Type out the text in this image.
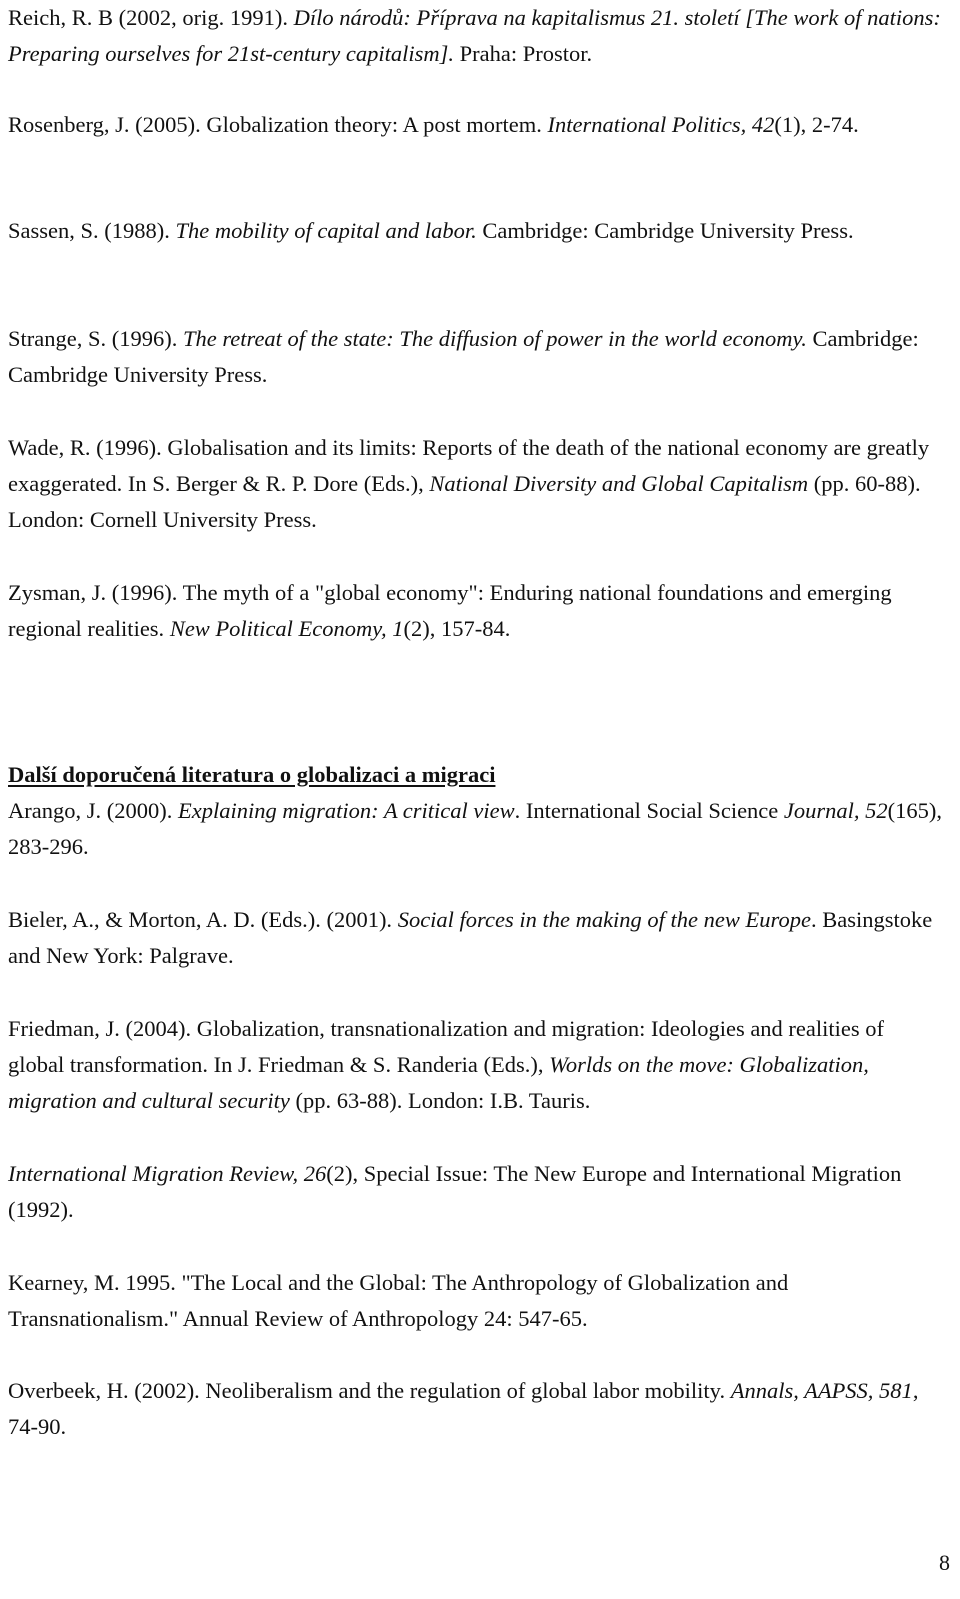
Reich, R. B (2002, orig. 1991). Dílo národů: Příprava na kapitalismus 21. století [The work of nations: Preparing ourselves for 21st-century capitalism]. Praha: Prostor.

Rosenberg, J. (2005). Globalization theory: A post mortem. International Politics, 42(1), 2-74.

Sassen, S. (1988). The mobility of capital and labor. Cambridge: Cambridge University Press.

Strange, S. (1996). The retreat of the state: The diffusion of power in the world economy. Cambridge: Cambridge University Press.

Wade, R. (1996). Globalisation and its limits: Reports of the death of the national economy are greatly exaggerated. In S. Berger & R. P. Dore (Eds.), National Diversity and Global Capitalism (pp. 60-88). London: Cornell University Press.

Zysman, J. (1996). The myth of a "global economy": Enduring national foundations and emerging regional realities. New Political Economy, 1(2), 157-84.

Další doporučená literatura o globalizaci a migraci

Arango, J. (2000). Explaining migration: A critical view. International Social Science Journal, 52(165), 283-296.

Bieler, A., & Morton, A. D. (Eds.). (2001). Social forces in the making of the new Europe. Basingstoke and New York: Palgrave.

Friedman, J. (2004). Globalization, transnationalization and migration: Ideologies and realities of global transformation. In J. Friedman & S. Randeria (Eds.), Worlds on the move: Globalization, migration and cultural security (pp. 63-88). London: I.B. Tauris.

International Migration Review, 26(2), Special Issue: The New Europe and International Migration (1992).

Kearney, M. 1995. "The Local and the Global: The Anthropology of Globalization and Transnationalism." Annual Review of Anthropology 24: 547-65.

Overbeek, H. (2002). Neoliberalism and the regulation of global labor mobility. Annals, AAPSS, 581, 74-90.

8
